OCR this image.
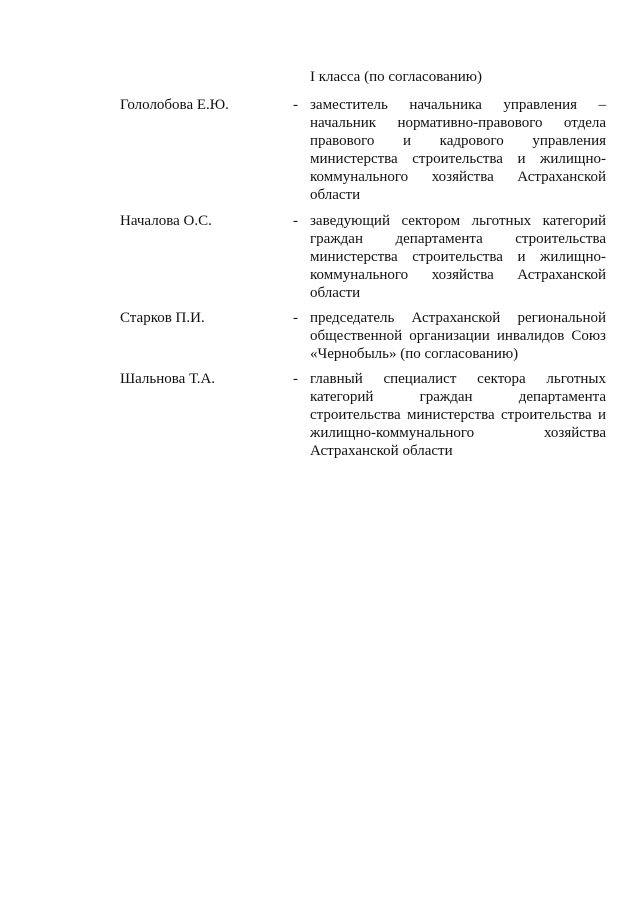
I класса (по согласованию)
Гололобова Е.Ю.	- заместитель начальника управления – начальник нормативно-правового отдела правового и кадрового управления министерства строительства и жилищно-коммунального хозяйства Астраханской области
Началова О.С.	- заведующий сектором льготных категорий граждан департамента строительства министерства строительства и жилищно-коммунального хозяйства Астраханской области
Старков П.И.	- председатель Астраханской региональной общественной организации инвалидов Союз «Чернобыль» (по согласованию)
Шальнова Т.А.	- главный специалист сектора льготных категорий граждан департамента строительства министерства строительства и жилищно-коммунального хозяйства Астраханской области
